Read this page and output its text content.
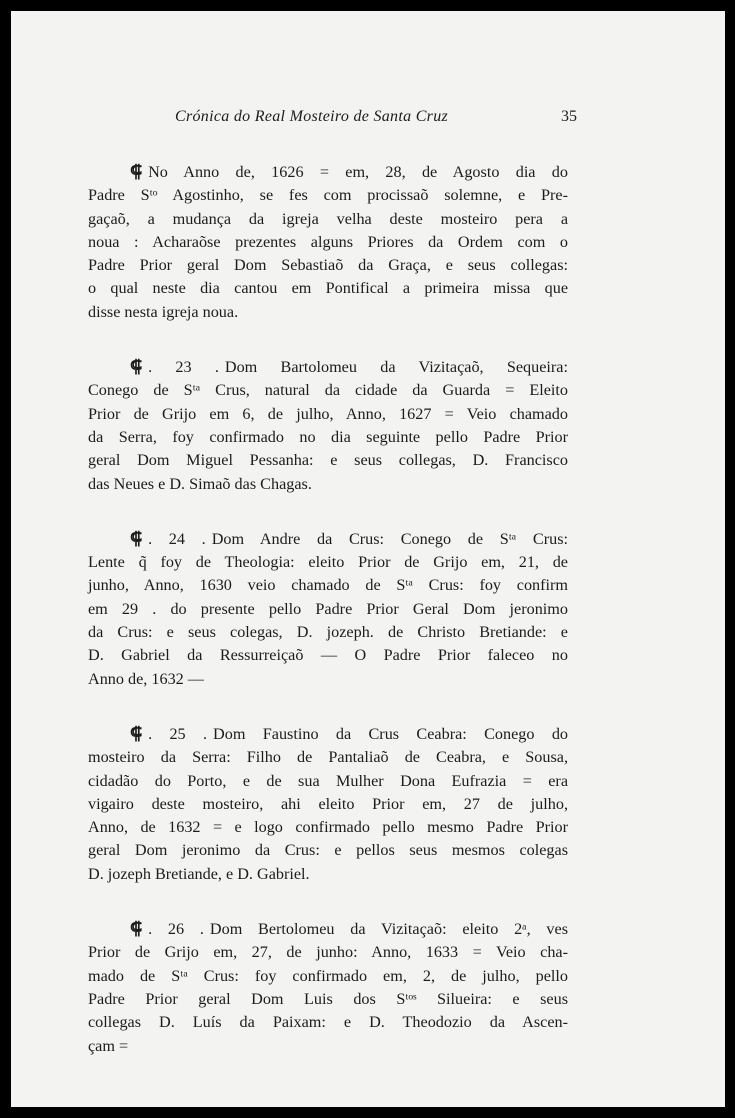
Crónica do Real Mosteiro de Santa Cruz	35
⸿ No Anno de, 1626 = em, 28, de Agosto dia do
Padre Sᵗᵒ Agostinho, se fes com procissaõ solemne, e Pre-
gaçaõ, a mudança da igreja velha deste mosteiro pera a
noua : Acharaõse prezentes alguns Priores da Ordem com o
Padre Prior geral Dom Sebastiaõ da Graça, e seus collegas:
o qual neste dia cantou em Pontifical a primeira missa que
disse nesta igreja noua.
⸿ . 23 . Dom Bartolomeu da Vizitaçaõ, Sequeira:
Conego de Sᵗᵃ Crus, natural da cidade da Guarda = Eleito
Prior de Grijo em 6, de julho, Anno, 1627 = Veio chamado
da Serra, foy confirmado no dia seguinte pello Padre Prior
geral Dom Miguel Pessanha: e seus collegas, D. Francisco
das Neues e D. Simaõ das Chagas.
⸿ . 24 . Dom Andre da Crus: Conego de Sᵗᵃ Crus:
Lente q̃ foy de Theologia: eleito Prior de Grijo em, 21, de
junho, Anno, 1630 veio chamado de Sᵗᵃ Crus: foy confirm
em 29 . do presente pello Padre Prior Geral Dom jeronimo
da Crus: e seus colegas, D. jozeph. de Christo Bretiande: e
D. Gabriel da Ressurreiçaõ — O Padre Prior faleceo no
Anno de, 1632 —
⸿ . 25 . Dom Faustino da Crus Ceabra: Conego do
mosteiro da Serra: Filho de Pantaliaõ de Ceabra, e Sousa,
cidadão do Porto, e de sua Mulher Dona Eufrazia = era
vigairo deste mosteiro, ahi eleito Prior em, 27 de julho,
Anno, de 1632 = e logo confirmado pello mesmo Padre Prior
geral Dom jeronimo da Crus: e pellos seus mesmos colegas
D. jozeph Bretiande, e D. Gabriel.
⸿ . 26 . Dom Bertolomeu da Vizitaçaõ: eleito 2ᵃ, ves
Prior de Grijo em, 27, de junho: Anno, 1633 = Veio cha-
mado de Sᵗᵃ Crus: foy confirmado em, 2, de julho, pello
Padre Prior geral Dom Luis dos Sᵗᵒˢ Silueira: e seus
collegas D. Luís da Paixam: e D. Theodozio da Ascen-
çam =
